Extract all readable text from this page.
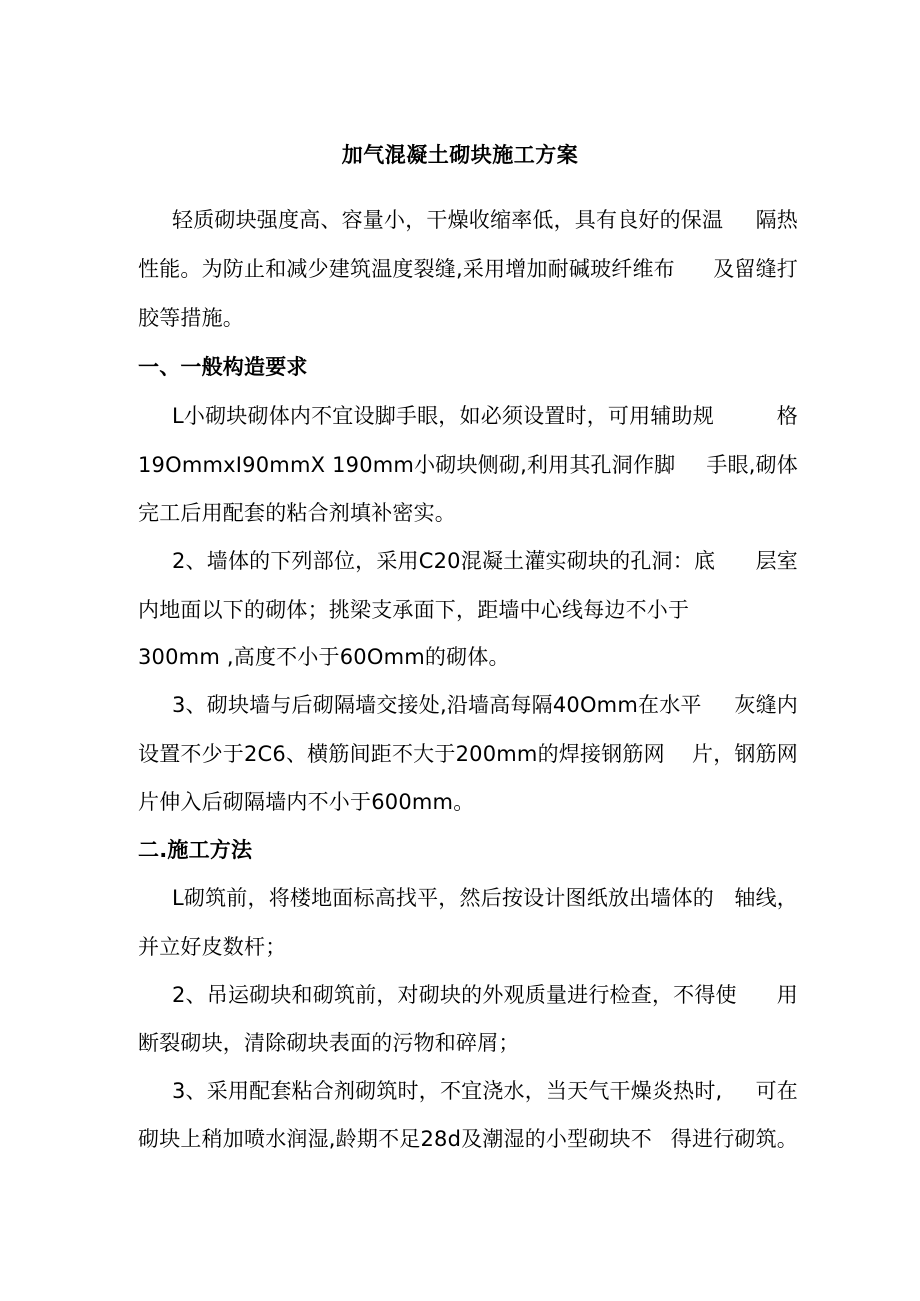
加气混凝土砌块施工方案
轻质砌块强度高、容量小，干燥收缩率低，具有良好的保温 隔热
性能。为防止和减少建筑温度裂缝,采用增加耐碱玻纤维布 及留缝打
胶等措施。
一、一般构造要求
L小砌块砌体内不宜设脚手眼，如必须设置时，可用辅助规	格
19OmmxI90mmX 190mm小砌块侧砌,利用其孔洞作脚 手眼,砌体
完工后用配套的粘合剂填补密实。
2、墙体的下列部位，采用C20混凝土灌实砌块的孔洞：底 层室
内地面以下的砌体；挑梁支承面下，距墙中心线每边不小于
300mm ,高度不小于60Omm的砌体。
3、砌块墙与后砌隔墙交接处,沿墙高每隔40Omm在水平 灰缝内
设置不少于2C6、横筋间距不大于200mm的焊接钢筋网 片，钢筋网
片伸入后砌隔墙内不小于600mm。
二.施工方法
L砌筑前，将楼地面标高找平，然后按设计图纸放出墙体的 轴线，
并立好皮数杆；
2、吊运砌块和砌筑前，对砌块的外观质量进行检查，不得使 用
断裂砌块，清除砌块表面的污物和碎屑；
3、采用配套粘合剂砌筑时，不宜浇水，当天气干燥炎热时, 可在
砌块上稍加喷水润湿,龄期不足28d及潮湿的小型砌块不 得进行砌筑。
